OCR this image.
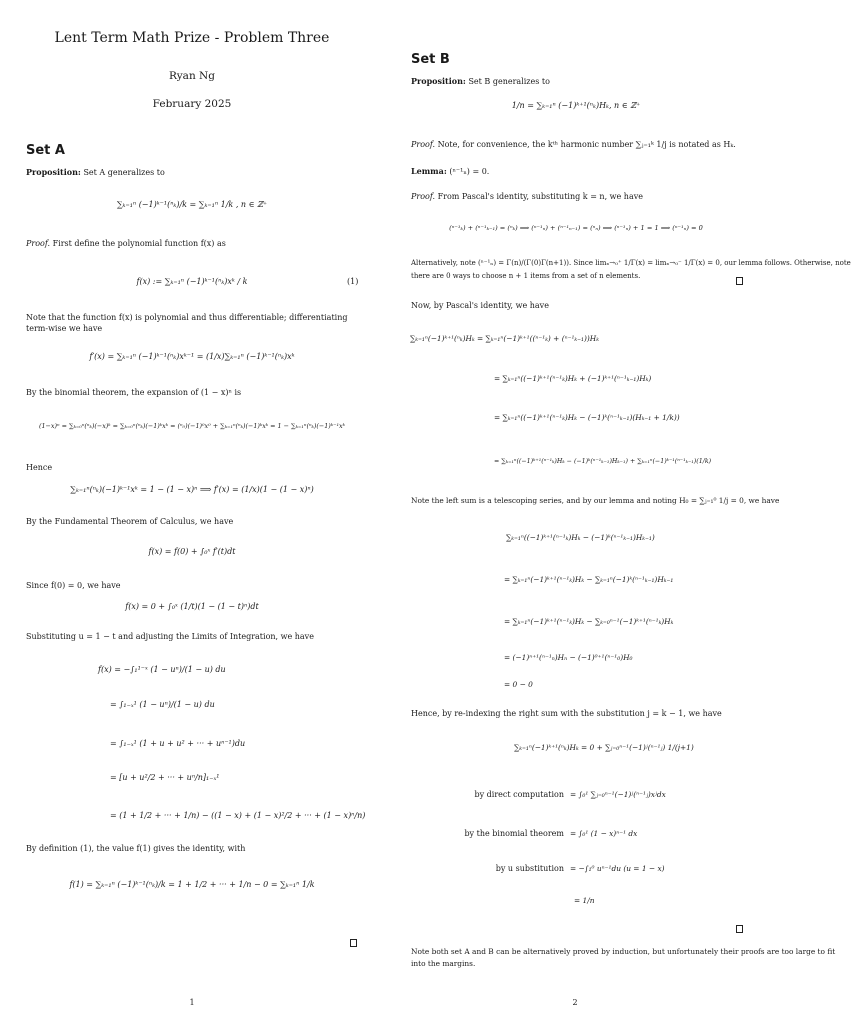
Lent Term Math Prize - Problem Three
Ryan Ng
February 2025
Set A
Proposition: Set A generalizes to
∑ₖ₌₁ⁿ (−1)ᵏ⁻¹(ⁿₖ)/k = ∑ₖ₌₁ⁿ 1/k , n ∈ ℤ⁺
Proof. First define the polynomial function f(x) as
f(x) := ∑ₖ₌₁ⁿ (−1)ᵏ⁻¹(ⁿₖ)xᵏ / k	(1)
Note that the function f(x) is polynomial and thus differentiable; differentiating term-wise we have
f′(x) = ∑ₖ₌₁ⁿ (−1)ᵏ⁻¹(ⁿₖ)xᵏ⁻¹ = (1/x)∑ₖ₌₁ⁿ (−1)ᵏ⁻¹(ⁿₖ)xᵏ
By the binomial theorem, the expansion of (1 − x)ⁿ is
(1−x)ⁿ = ∑ₖ₌₀ⁿ(ⁿₖ)(−x)ᵏ = ∑ₖ₌₀ⁿ(ⁿₖ)(−1)ᵏxᵏ = (ⁿ₀)(−1)⁰x⁰ + ∑ₖ₌₁ⁿ(ⁿₖ)(−1)ᵏxᵏ = 1 − ∑ₖ₌₁ⁿ(ⁿₖ)(−1)ᵏ⁻¹xᵏ
Hence
∑ₖ₌₁ⁿ(ⁿₖ)(−1)ᵏ⁻¹xᵏ = 1 − (1 − x)ⁿ ⟹ f′(x) = (1/x)(1 − (1 − x)ⁿ)
By the Fundamental Theorem of Calculus, we have
f(x) = f(0) + ∫₀ˣ f′(t)dt
Since f(0) = 0, we have
f(x) = 0 + ∫₀ˣ (1/t)(1 − (1 − t)ⁿ)dt
Substituting u = 1 − t and adjusting the Limits of Integration, we have
f(x) = −∫₁¹⁻ˣ (1 − uⁿ)/(1 − u) du
= ∫₁₋ₓ¹ (1 − uⁿ)/(1 − u) du
= ∫₁₋ₓ¹ (1 + u + u² + ··· + uⁿ⁻¹)du
= [u + u²/2 + ··· + uⁿ/n]₁₋ₓ¹
= (1 + 1/2 + ··· + 1/n) − ((1 − x) + (1 − x)²/2 + ··· + (1 − x)ⁿ/n)
By definition (1), the value f(1) gives the identity, with
f(1) = ∑ₖ₌₁ⁿ (−1)ᵏ⁻¹(ⁿₖ)/k = 1 + 1/2 + ··· + 1/n − 0 = ∑ₖ₌₁ⁿ 1/k
1
Set B
Proposition: Set B generalizes to
1/n = ∑ₖ₌₁ⁿ (−1)ᵏ⁺¹(ⁿₖ)Hₖ, n ∈ ℤ⁺
Proof. Note, for convenience, the kᵗʰ harmonic number ∑ⱼ₌₁ᵏ 1/j is notated as Hₖ.
Lemma: (ⁿ⁻¹ₙ) = 0.
Proof. From Pascal's identity, substituting k = n, we have
(ⁿ⁻¹ₖ) + (ⁿ⁻¹ₖ₋₁) = (ⁿₖ) ⟹ (ⁿ⁻¹ₙ) + (ⁿ⁻¹ₙ₋₁) = (ⁿₙ) ⟹ (ⁿ⁻¹ₙ) + 1 = 1 ⟹ (ⁿ⁻¹ₙ) = 0
Alternatively, note (ⁿ⁻¹ₙ) = Γ(n)/(Γ(0)Γ(n+1)). Since limₓ→₀⁺ 1/Γ(x) = limₓ→₀⁻ 1/Γ(x) = 0, our lemma follows. Otherwise, note
there are 0 ways to choose n + 1 items from a set of n elements.
Now, by Pascal's identity, we have
∑ₖ₌₁ⁿ(−1)ᵏ⁺¹(ⁿₖ)Hₖ = ∑ₖ₌₁ⁿ(−1)ᵏ⁺¹((ⁿ⁻¹ₖ) + (ⁿ⁻¹ₖ₋₁))Hₖ
= ∑ₖ₌₁ⁿ((−1)ᵏ⁺¹(ⁿ⁻¹ₖ)Hₖ + (−1)ᵏ⁺¹(ⁿ⁻¹ₖ₋₁)Hₖ)
= ∑ₖ₌₁ⁿ((−1)ᵏ⁺¹(ⁿ⁻¹ₖ)Hₖ − (−1)ᵏ(ⁿ⁻¹ₖ₋₁)(Hₖ₋₁ + 1/k))
= ∑ₖ₌₁ⁿ((−1)ᵏ⁺¹(ⁿ⁻¹ₖ)Hₖ − (−1)ᵏ(ⁿ⁻¹ₖ₋₁)Hₖ₋₁) + ∑ₖ₌₁ⁿ(−1)ᵏ⁻¹(ⁿ⁻¹ₖ₋₁)(1/k)
Note the left sum is a telescoping series, and by our lemma and noting H₀ = ∑ⱼ₌₁⁰ 1/j = 0, we have
∑ₖ₌₁ⁿ((−1)ᵏ⁺¹(ⁿ⁻¹ₖ)Hₖ − (−1)ᵏ(ⁿ⁻¹ₖ₋₁)Hₖ₋₁)
= ∑ₖ₌₁ⁿ(−1)ᵏ⁺¹(ⁿ⁻¹ₖ)Hₖ − ∑ₖ₌₁ⁿ(−1)ᵏ(ⁿ⁻¹ₖ₋₁)Hₖ₋₁
= ∑ₖ₌₁ⁿ(−1)ᵏ⁺¹(ⁿ⁻¹ₖ)Hₖ − ∑ₖ₌₀ⁿ⁻¹(−1)ᵏ⁺¹(ⁿ⁻¹ₖ)Hₖ
= (−1)ⁿ⁺¹(ⁿ⁻¹ₙ)Hₙ − (−1)⁰⁺¹(ⁿ⁻¹₀)H₀
= 0 − 0
Hence, by re-indexing the right sum with the substitution j = k − 1, we have
∑ₖ₌₁ⁿ(−1)ᵏ⁺¹(ⁿₖ)Hₖ = 0 + ∑ⱼ₌₀ⁿ⁻¹(−1)ʲ(ⁿ⁻¹ⱼ) 1/(j+1)
by direct computation = ∫₀¹ ∑ⱼ₌₀ⁿ⁻¹(−1)ʲ(ⁿ⁻¹ⱼ)xʲdx
by the binomial theorem = ∫₀¹ (1 − x)ⁿ⁻¹ dx
by u substitution = −∫₁⁰ uⁿ⁻¹du (u = 1 − x)
= 1/n
Note both set A and B can be alternatively proved by induction, but unfortunately their proofs are too large to fit
into the margins.
2
